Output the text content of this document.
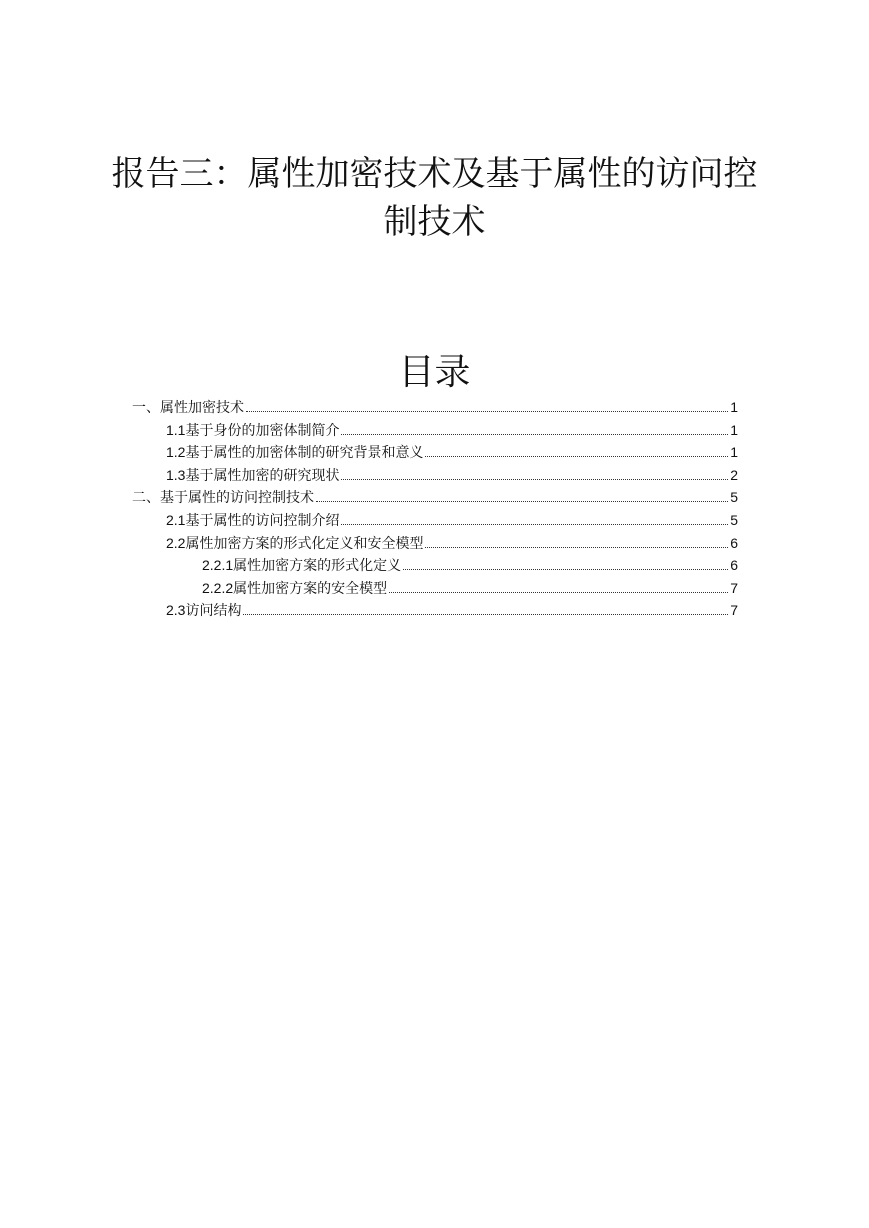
报告三：属性加密技术及基于属性的访问控
制技术
目录
一、属性加密技术	1
1.1 基于身份的加密体制简介	1
1.2 基于属性的加密体制的研究背景和意义	1
1.3 基于属性加密的研究现状	2
二、基于属性的访问控制技术	5
2.1 基于属性的访问控制介绍	5
2.2 属性加密方案的形式化定义和安全模型	6
2.2.1 属性加密方案的形式化定义	6
2.2.2 属性加密方案的安全模型	7
2.3 访问结构	7
